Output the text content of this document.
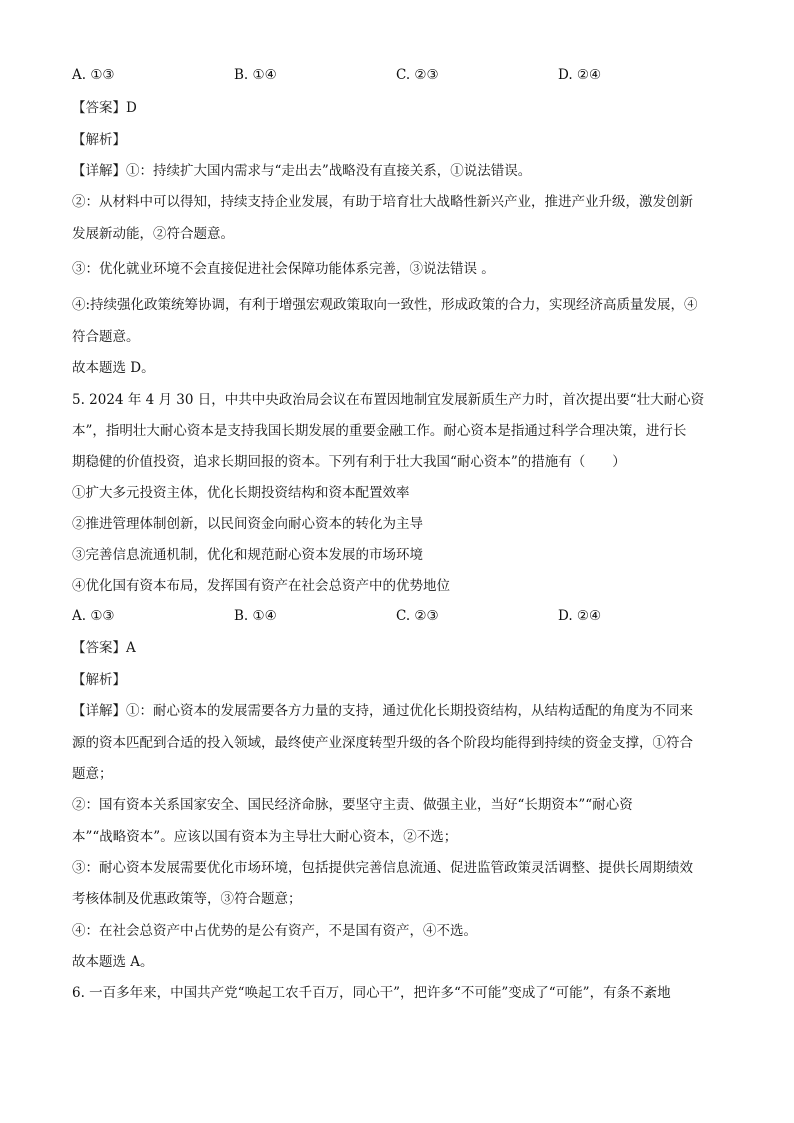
A. ①③	B. ①④	C. ②③	D. ②④
【答案】D
【解析】
【详解】①：持续扩大国内需求与“走出去”战略没有直接关系，①说法错误。
②：从材料中可以得知，持续支持企业发展，有助于培育壮大战略性新兴产业，推进产业升级，激发创新
发展新动能，②符合题意。
③：优化就业环境不会直接促进社会保障功能体系完善，③说法错误 。
④:持续强化政策统筹协调，有利于增强宏观政策取向一致性，形成政策的合力，实现经济高质量发展，④
符合题意。
故本题选 D。
5. 2024 年 4 月 30 日，中共中央政治局会议在布置因地制宜发展新质生产力时，首次提出要“壮大耐心资
本”，指明壮大耐心资本是支持我国长期发展的重要金融工作。耐心资本是指通过科学合理决策，进行长
期稳健的价值投资，追求长期回报的资本。下列有利于壮大我国“耐心资本”的措施有（　　）
①扩大多元投资主体，优化长期投资结构和资本配置效率
②推进管理体制创新，以民间资金向耐心资本的转化为主导
③完善信息流通机制，优化和规范耐心资本发展的市场环境
④优化国有资本布局，发挥国有资产在社会总资产中的优势地位
A. ①③	B. ①④	C. ②③	D. ②④
【答案】A
【解析】
【详解】①：耐心资本的发展需要各方力量的支持，通过优化长期投资结构，从结构适配的角度为不同来
源的资本匹配到合适的投入领域，最终使产业深度转型升级的各个阶段均能得到持续的资金支撑，①符合
题意；
②：国有资本关系国家安全、国民经济命脉，要坚守主责、做强主业，当好“长期资本”“耐心资
本”“战略资本”。应该以国有资本为主导壮大耐心资本，②不选；
③：耐心资本发展需要优化市场环境，包括提供完善信息流通、促进监管政策灵活调整、提供长周期绩效
考核体制及优惠政策等，③符合题意；
④：在社会总资产中占优势的是公有资产，不是国有资产，④不选。
故本题选 A。
6. 一百多年来，中国共产党“唤起工农千百万，同心干”，把许多“不可能”变成了“可能”，有条不紊地
